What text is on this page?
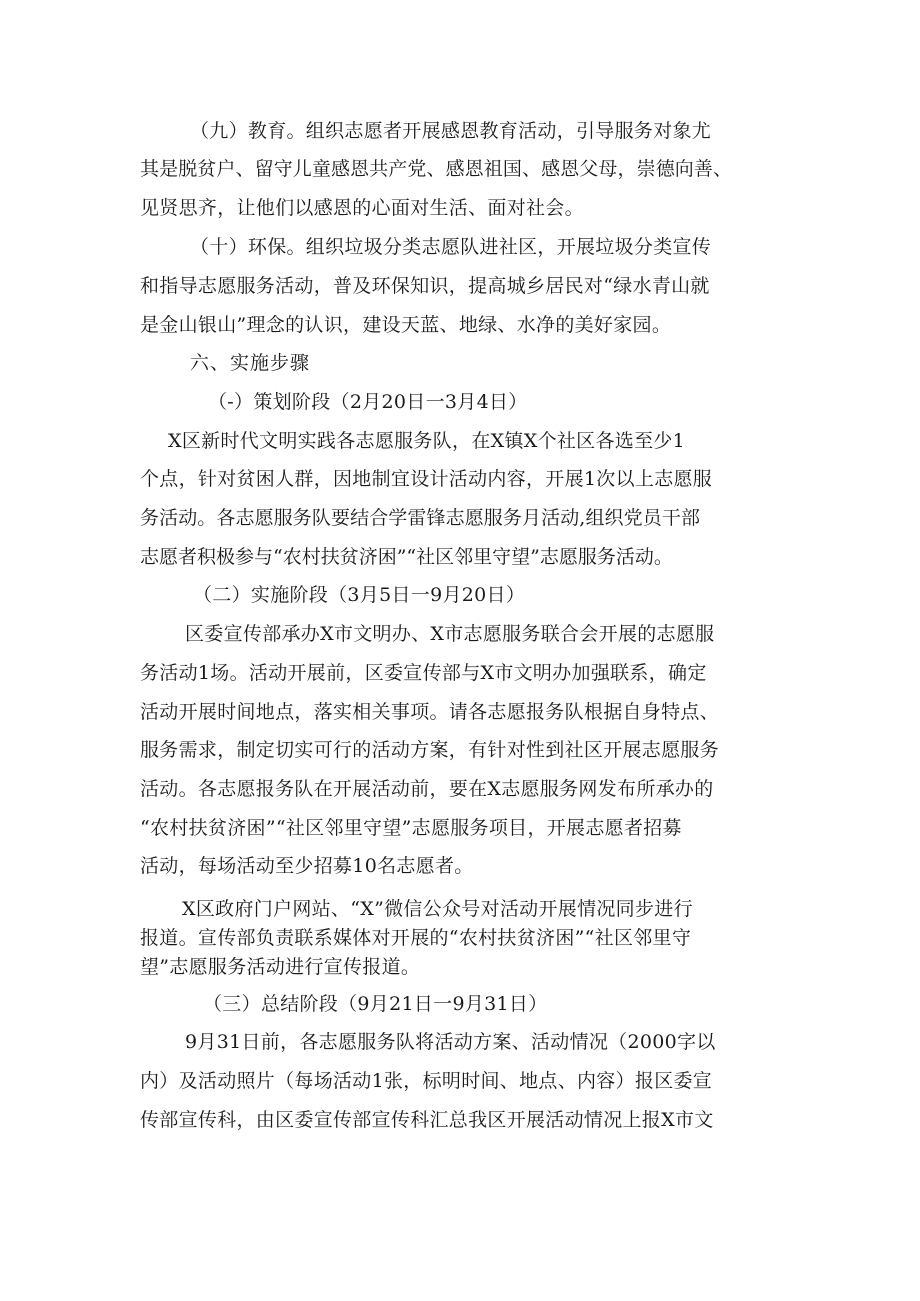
（九）教育。组织志愿者开展感恩教育活动，引导服务对象尤
其是脱贫户、留守儿童感恩共产党、感恩祖国、感恩父母，崇德向善、
见贤思齐，让他们以感恩的心面对生活、面对社会。
（十）环保。组织垃圾分类志愿队进社区，开展垃圾分类宣传
和指导志愿服务活动，普及环保知识，提高城乡居民对“绿水青山就
是金山银山”理念的认识，建设天蓝、地绿、水净的美好家园。
六、实施步骤
（-）策划阶段（2月20日一3月4日）
X区新时代文明实践各志愿服务队，在X镇X个社区各选至少1
个点，针对贫困人群，因地制宜设计活动内容，开展1次以上志愿服
务活动。各志愿服务队要结合学雷锋志愿服务月活动,组织党员干部
志愿者积极参与“农村扶贫济困”“社区邻里守望”志愿服务活动。
（二）实施阶段（3月5日一9月20日）
区委宣传部承办X市文明办、X市志愿服务联合会开展的志愿服
务活动1场。活动开展前，区委宣传部与X市文明办加强联系，确定
活动开展时间地点，落实相关事项。请各志愿报务队根据自身特点、
服务需求，制定切实可行的活动方案，有针对性到社区开展志愿服务
活动。各志愿报务队在开展活动前，要在X志愿服务网发布所承办的
“农村扶贫济困”“社区邻里守望”志愿服务项目，开展志愿者招募
活动，每场活动至少招募10名志愿者。
X区政府门户网站、“X”微信公众号对活动开展情况同步进行
报道。宣传部负责联系媒体对开展的“农村扶贫济困”“社区邻里守
望”志愿服务活动进行宣传报道。
（三）总结阶段（9月21日一9月31日）
9月31日前，各志愿服务队将活动方案、活动情况（2000字以
内）及活动照片（每场活动1张，标明时间、地点、内容）报区委宣
传部宣传科，由区委宣传部宣传科汇总我区开展活动情况上报X市文
